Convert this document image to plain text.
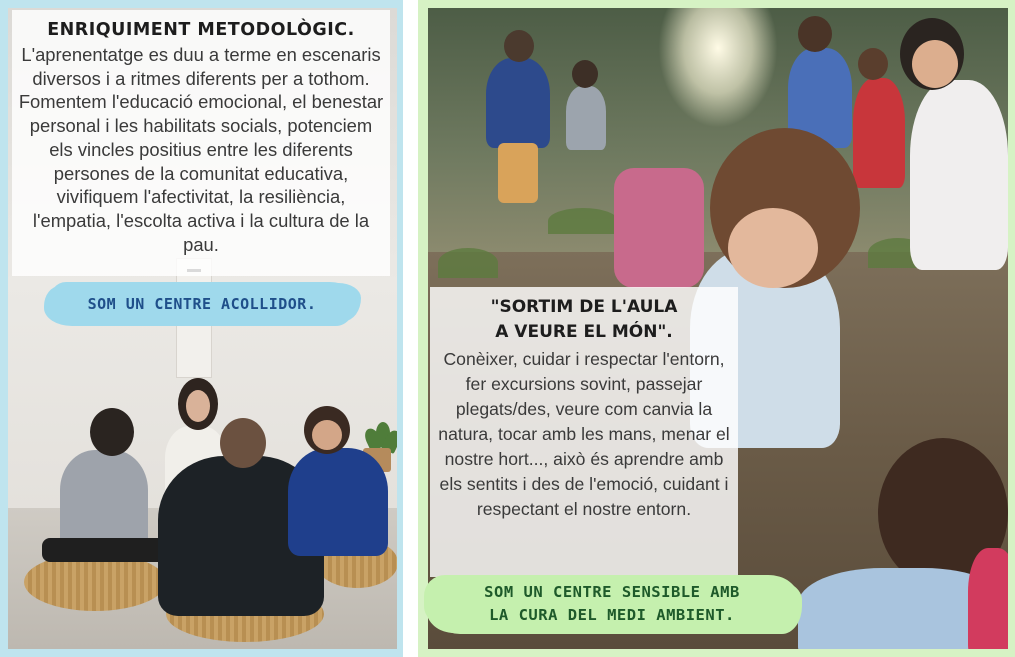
ENRIQUIMENT METODOLÒGIC.
L'aprenentatge es duu a terme en escenaris diversos i a ritmes diferents per a tothom. Fomentem l'educació emocional, el benestar personal i les habilitats socials, potenciem els vincles positius entre les diferents persones de la comunitat educativa, vivifiquem l'afectivitat, la resiliència, l'empatia, l'escolta activa i la cultura de la pau.
SOM UN CENTRE ACOLLIDOR.	"SORTIM DE L'AULA
A VEURE EL MÓN".
Conèixer, cuidar i respectar l'entorn, fer excursions sovint, passejar plegats/des, veure com canvia la natura, tocar amb les mans, menar el nostre hort..., això és aprendre amb els sentits i des de l'emoció, cuidant i respectant el nostre entorn.
SOM UN CENTRE SENSIBLE AMB
LA CURA DEL MEDI AMBIENT.
